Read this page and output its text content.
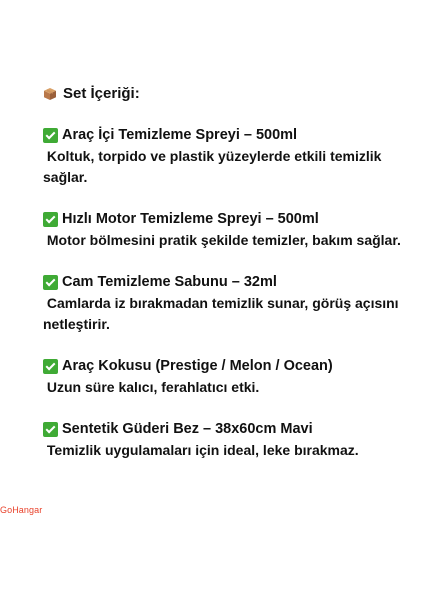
Set İçeriği:
Araç İçi Temizleme Spreyi – 500ml
Koltuk, torpido ve plastik yüzeylerde etkili temizlik sağlar.
Hızlı Motor Temizleme Spreyi – 500ml
Motor bölmesini pratik şekilde temizler, bakım sağlar.
Cam Temizleme Sabunu – 32ml
Camlarda iz bırakmadan temizlik sunar, görüş açısını netleştirir.
Araç Kokusu (Prestige / Melon / Ocean)
Uzun süre kalıcı, ferahlatıcı etki.
Sentetik Güderi Bez – 38x60cm Mavi
Temizlik uygulamaları için ideal, leke bırakmaz.
GoHangar
